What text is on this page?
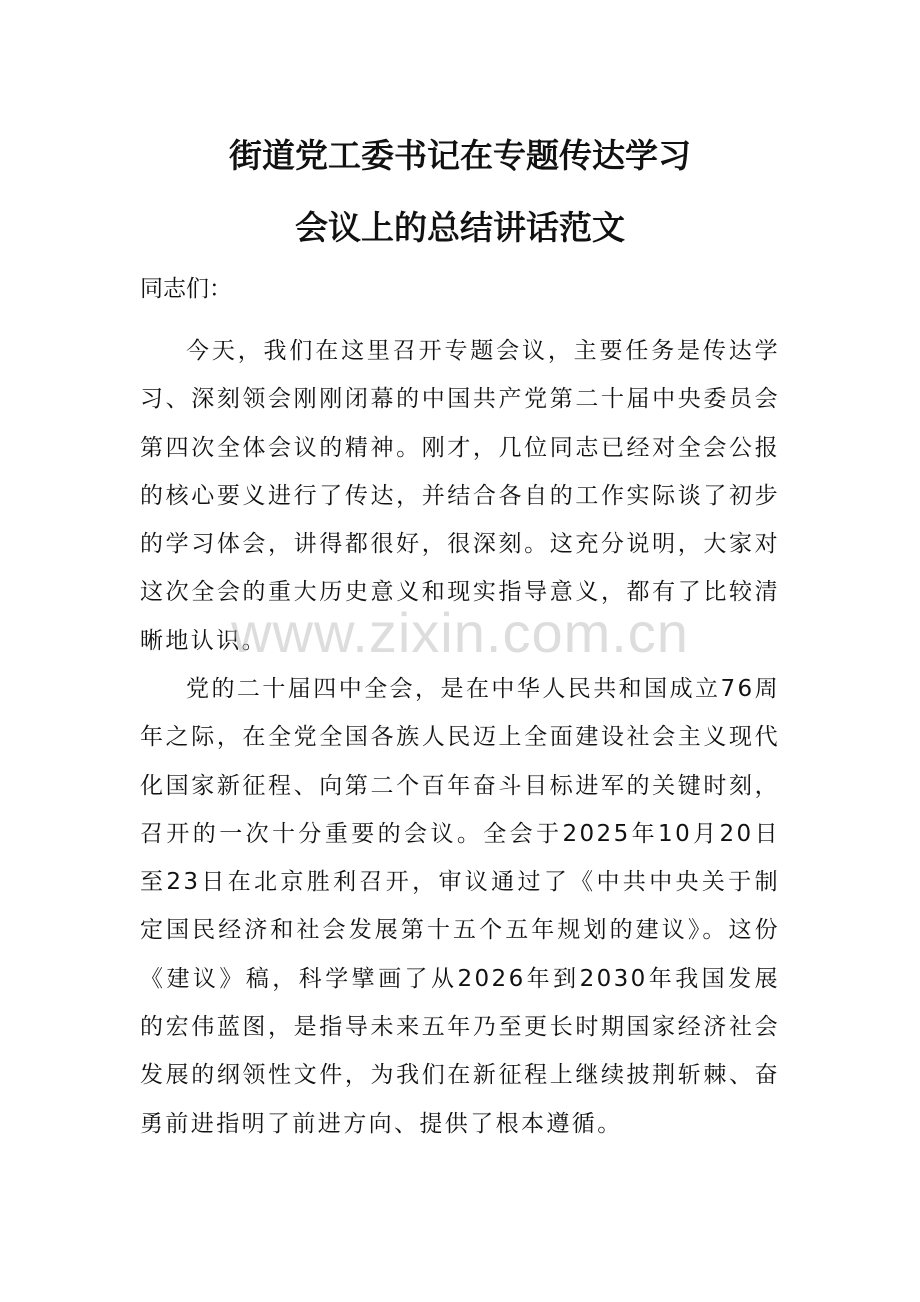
街道党工委书记在专题传达学习
会议上的总结讲话范文
同志们：

今天，我们在这里召开专题会议，主要任务是传达学习、深刻领会刚刚闭幕的中国共产党第二十届中央委员会第四次全体会议的精神。刚才，几位同志已经对全会公报的核心要义进行了传达，并结合各自的工作实际谈了初步的学习体会，讲得都很好，很深刻。这充分说明，大家对这次全会的重大历史意义和现实指导意义，都有了比较清晰地认识。

党的二十届四中全会，是在中华人民共和国成立76周年之际，在全党全国各族人民迈上全面建设社会主义现代化国家新征程、向第二个百年奋斗目标进军的关键时刻，召开的一次十分重要的会议。全会于2025年10月20日至23日在北京胜利召开，审议通过了《中共中央关于制定国民经济和社会发展第十五个五年规划的建议》。这份《建议》稿，科学擘画了从2026年到2030年我国发展的宏伟蓝图，是指导未来五年乃至更长时期国家经济社会发展的纲领性文件，为我们在新征程上继续披荆斩棘、奋勇前进指明了前进方向、提供了根本遵循。

www.zixin.com.cn
